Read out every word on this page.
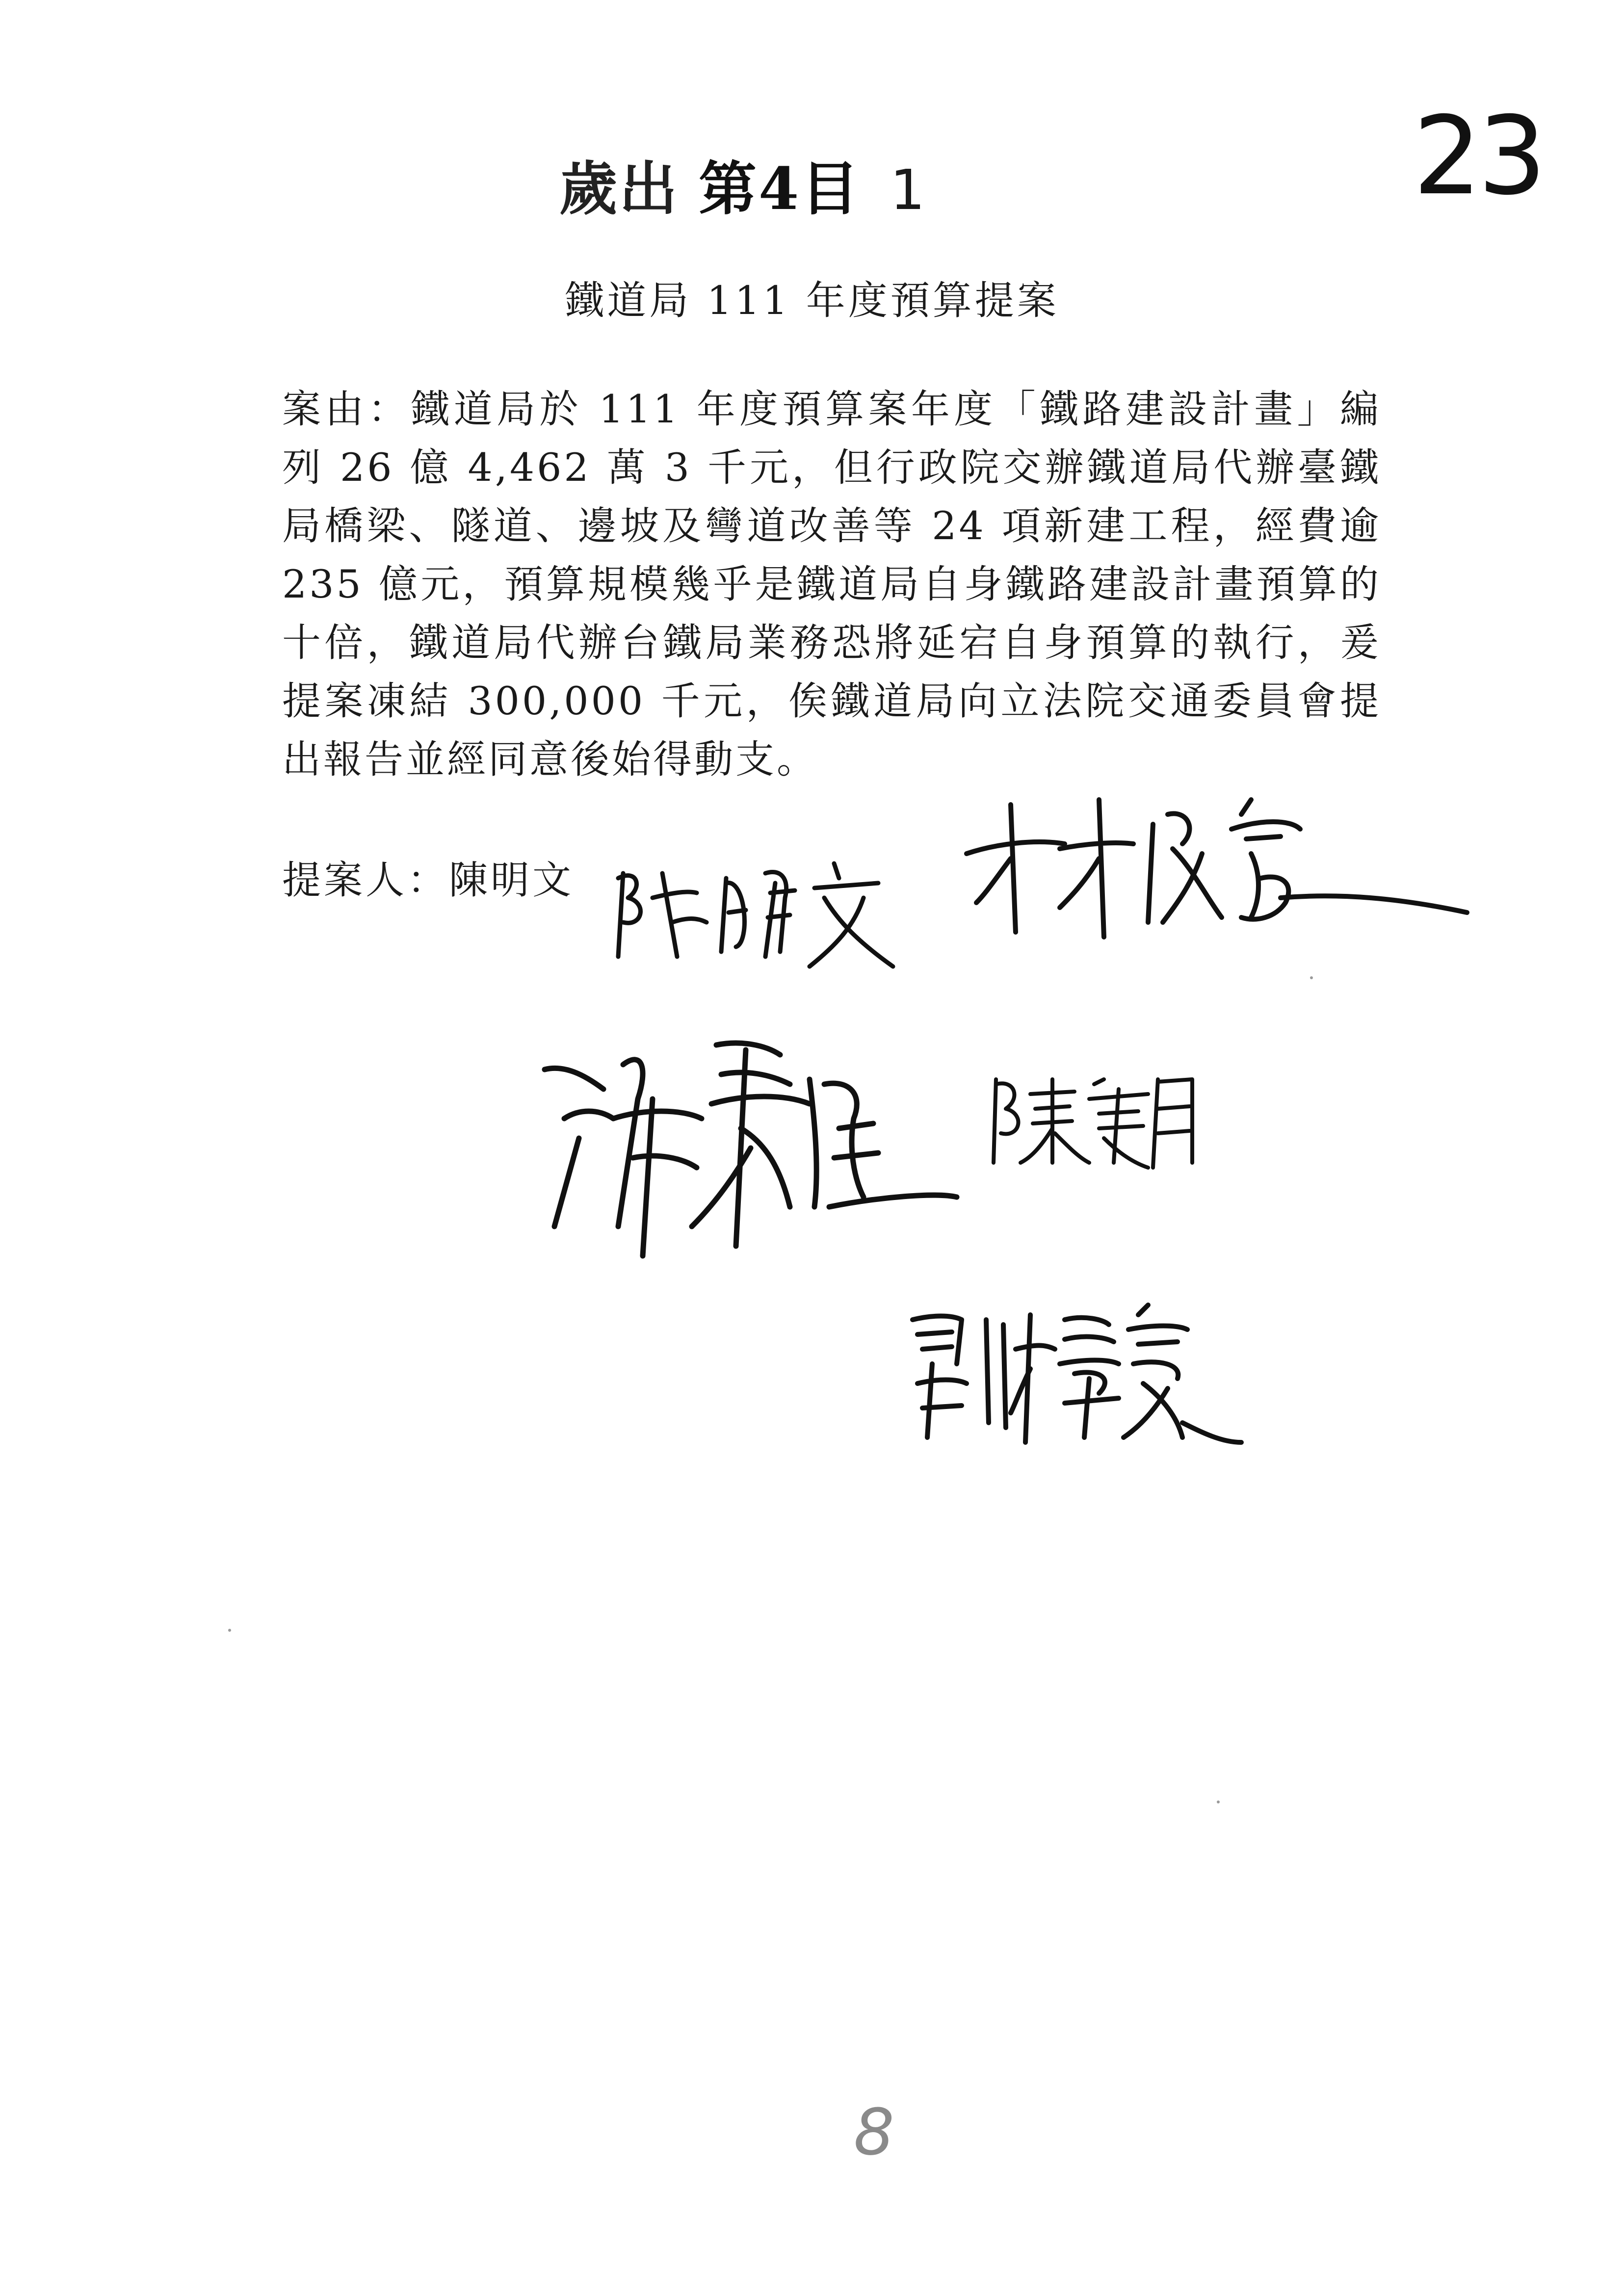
歲出 第4目 1	23
鐵道局 111 年度預算提案
案由：鐵道局於 111 年度預算案年度「鐵路建設計畫」編列 26 億 4,462 萬 3 千元，但行政院交辦鐵道局代辦臺鐵局橋梁、隧道、邊坡及彎道改善等 24 項新建工程，經費逾 235 億元，預算規模幾乎是鐵道局自身鐵路建設計畫預算的十倍，鐵道局代辦台鐵局業務恐將延宕自身預算的執行，爰提案凍結 300,000 千元，俟鐵道局向立法院交通委員會提出報告並經同意後始得動支。
提案人：陳明文
8
